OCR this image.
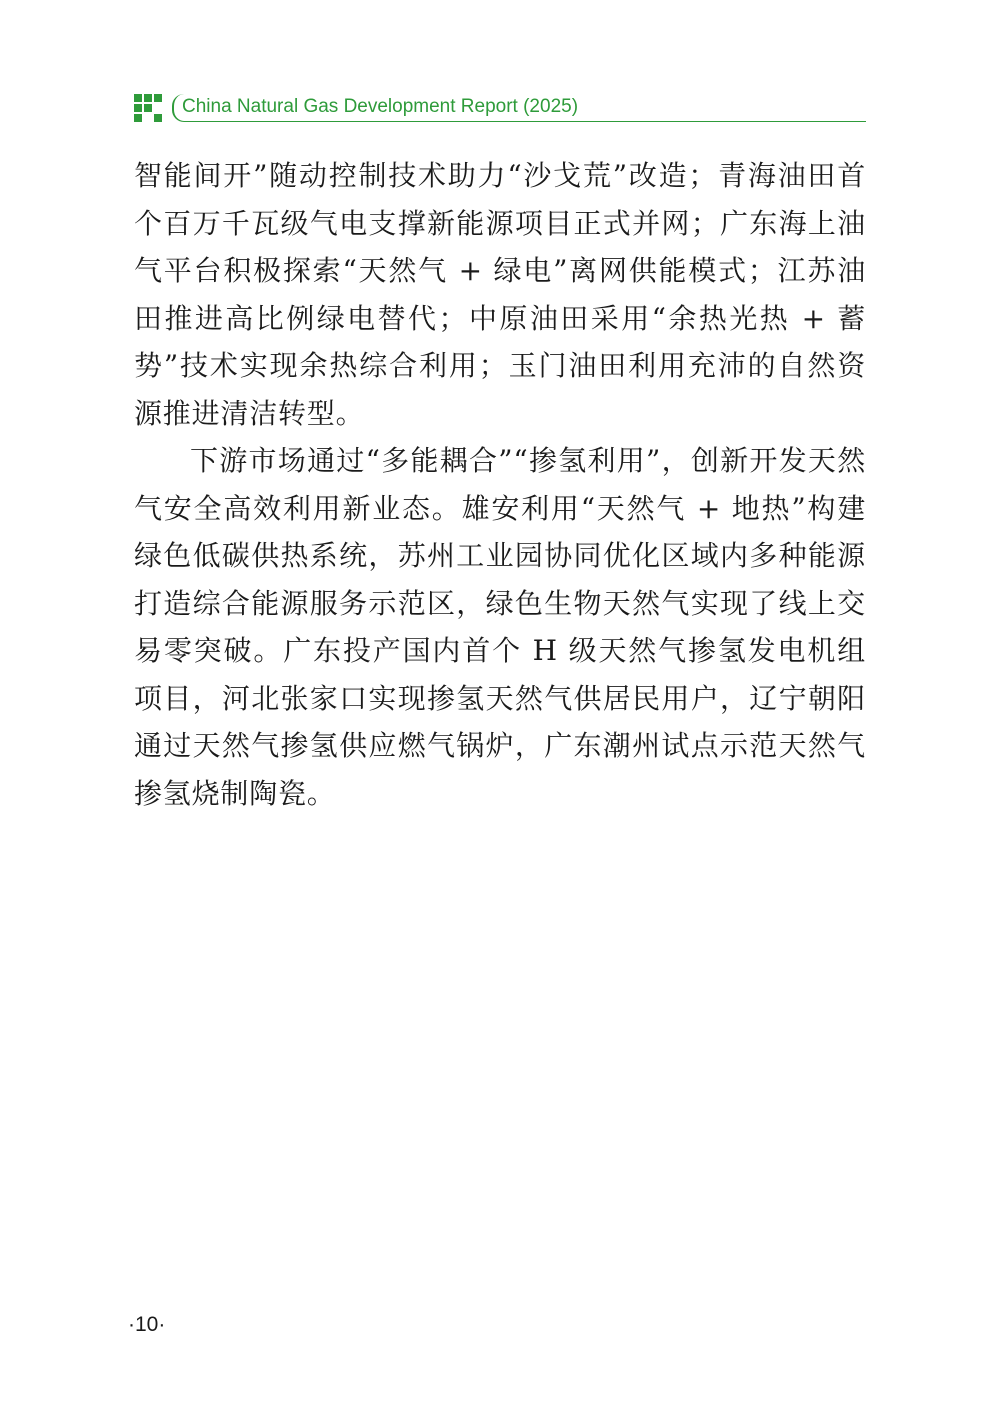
China Natural Gas Development Report (2025)

智能间开”随动控制技术助力“沙戈荒”改造；青海油田首个百万千瓦级气电支撑新能源项目正式并网；广东海上油气平台积极探索“天然气 + 绿电”离网供能模式；江苏油田推进高比例绿电替代；中原油田采用“余热光热 + 蓄势”技术实现余热综合利用；玉门油田利用充沛的自然资源推进清洁转型。

下游市场通过“多能耦合”“掺氢利用”，创新开发天然气安全高效利用新业态。雄安利用“天然气 + 地热”构建绿色低碳供热系统，苏州工业园协同优化区域内多种能源打造综合能源服务示范区，绿色生物天然气实现了线上交易零突破。广东投产国内首个 H 级天然气掺氢发电机组项目，河北张家口实现掺氢天然气供居民用户，辽宁朝阳通过天然气掺氢供应燃气锅炉，广东潮州试点示范天然气掺氢烧制陶瓷。

·10·
